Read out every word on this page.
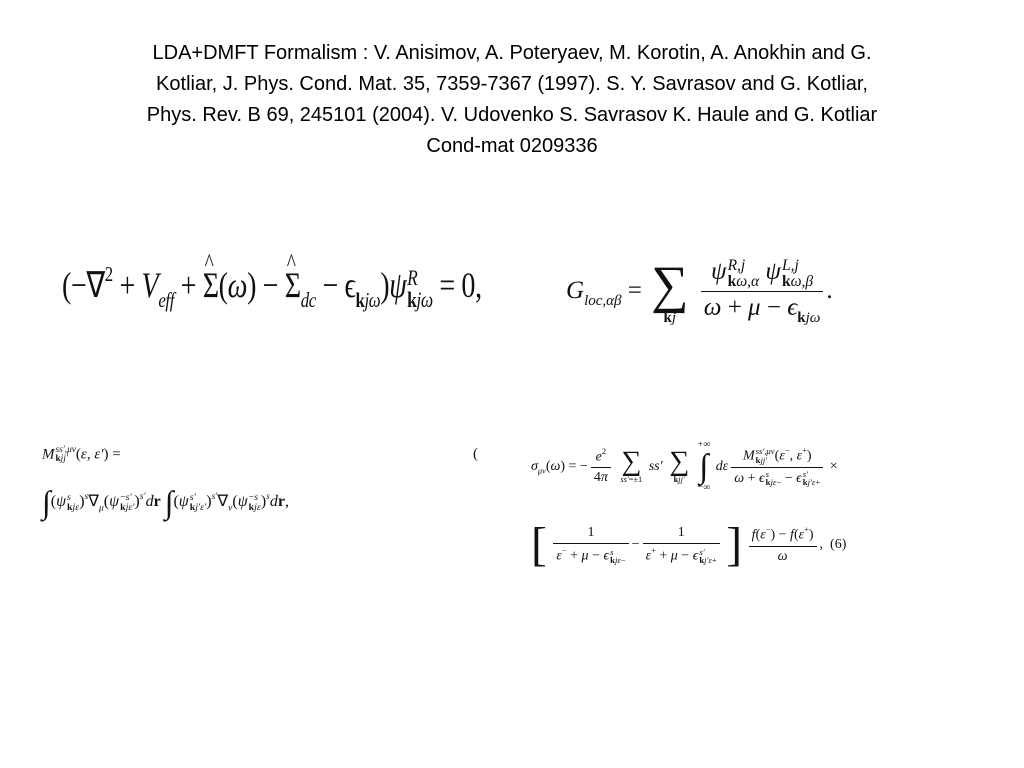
LDA+DMFT Formalism : V. Anisimov, A. Poteryaev, M. Korotin, A. Anokhin and G.
Kotliar, J. Phys. Cond. Mat. 35, 7359-7367 (1997). S. Y. Savrasov and G. Kotliar,
Phys. Rev. B 69, 245101 (2004). V. Udovenko S. Savrasov K. Haule and G. Kotliar
Cond-mat 0209336
($-\nabla^2 + V_{eff}$ + ^ Σ(ω) − ^ $\Sigma_{dc} - \epsilon_{kj\omega})\psi$ R
kjω = 0,	$G_{loc,\alpha\beta}$ = ∑
kj
ψ R,j
kω,α ψ L,j
kω,β
$\omega + \mu - \epsilon_{kj\omega}$ .
M ss′,μν
kjj′ (ε, ε′) =	(
∫(ψ s
kjε )$^s\nabla_\mu(\psi -s'$
kjε′ )$^{s'}$dr ∫(ψ s′
kj′ε′ )$^{s'}\nabla_\nu(\psi -s$
kjε )$^s$dr,
$\sigma_{\mu\nu}(\omega)$ = − $\frac{e^2}{4\pi}$
∑
ss′=±1
ss′ ∑
kjj′

+∞
∫
−∞
dε M ss′,μν
kjj′ (ε−, ε+)
ω + ϵ s
kjε− − ϵ s′
kj′ε+ ×
[ 1
ε− + μ − ϵ s
kjε− − 1
ε+ + μ − ϵ s′
kj′ε+ ] $\frac{f(\varepsilon^-) - f(\varepsilon^+)}{\omega}$ ,  (6)
